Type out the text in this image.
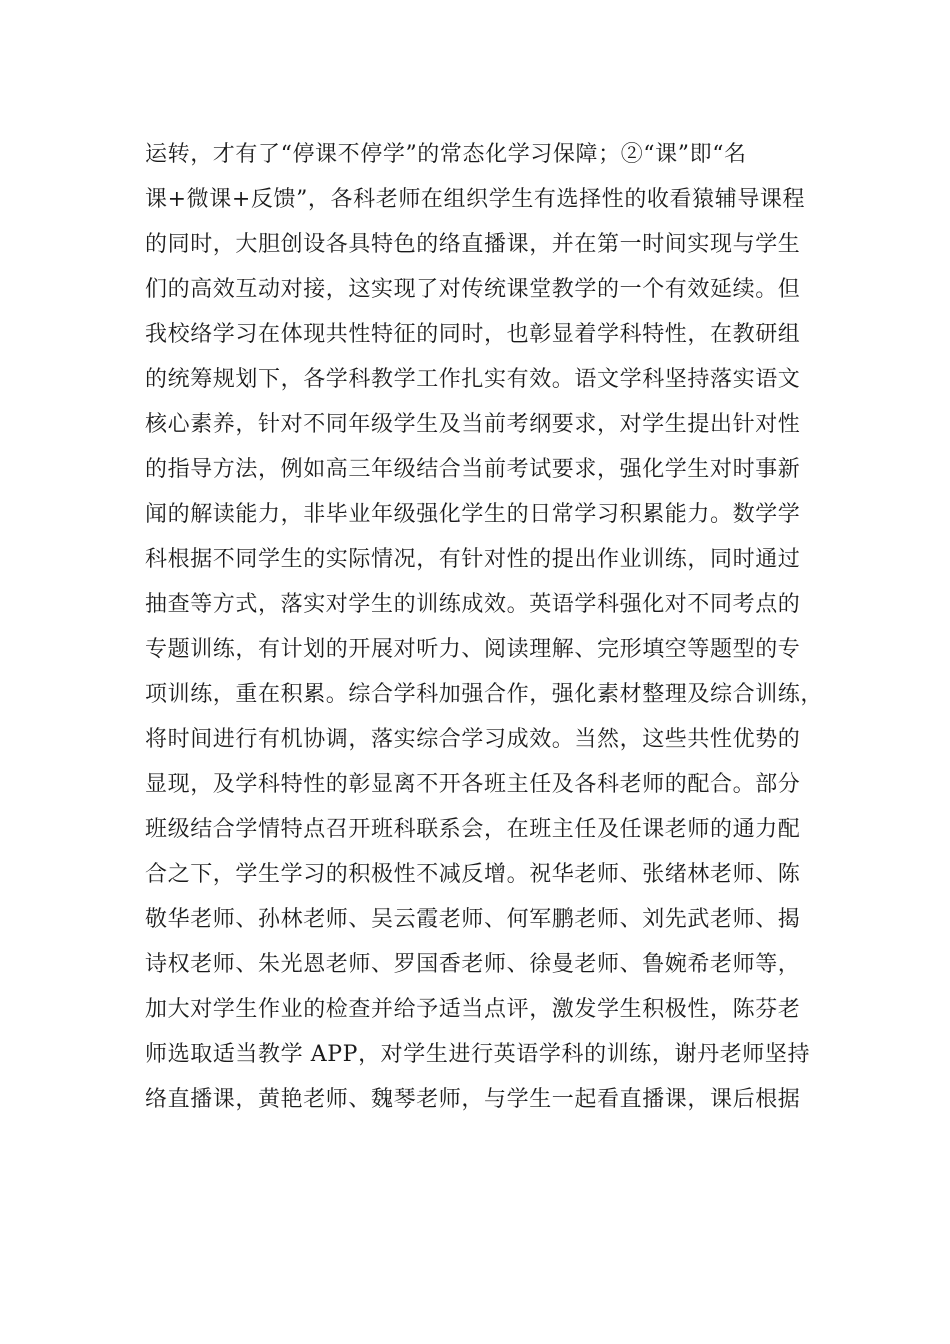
运转，才有了“停课不停学”的常态化学习保障；②“课”即“名
课+微课+反馈”，各科老师在组织学生有选择性的收看猿辅导课程
的同时，大胆创设各具特色的络直播课，并在第一时间实现与学生
们的高效互动对接，这实现了对传统课堂教学的一个有效延续。但
我校络学习在体现共性特征的同时，也彰显着学科特性，在教研组
的统筹规划下，各学科教学工作扎实有效。语文学科坚持落实语文
核心素养，针对不同年级学生及当前考纲要求，对学生提出针对性
的指导方法，例如高三年级结合当前考试要求，强化学生对时事新
闻的解读能力，非毕业年级强化学生的日常学习积累能力。数学学
科根据不同学生的实际情况，有针对性的提出作业训练，同时通过
抽查等方式，落实对学生的训练成效。英语学科强化对不同考点的
专题训练，有计划的开展对听力、阅读理解、完形填空等题型的专
项训练，重在积累。综合学科加强合作，强化素材整理及综合训练，
将时间进行有机协调，落实综合学习成效。当然，这些共性优势的
显现，及学科特性的彰显离不开各班主任及各科老师的配合。部分
班级结合学情特点召开班科联系会，在班主任及任课老师的通力配
合之下，学生学习的积极性不减反增。祝华老师、张绪林老师、陈
敬华老师、孙林老师、吴云霞老师、何军鹏老师、刘先武老师、揭
诗权老师、朱光恩老师、罗国香老师、徐曼老师、鲁婉希老师等，
加大对学生作业的检查并给予适当点评，激发学生积极性，陈芬老
师选取适当教学 APP，对学生进行英语学科的训练，谢丹老师坚持
络直播课，黄艳老师、魏琴老师，与学生一起看直播课，课后根据
